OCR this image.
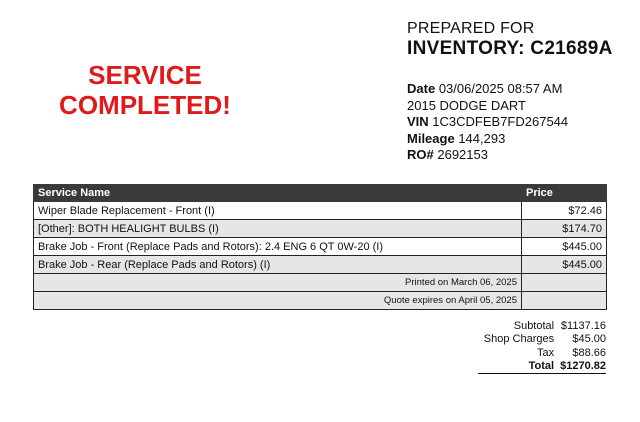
SERVICE
COMPLETED!
PREPARED FOR
INVENTORY: C21689A
Date 03/06/2025 08:57 AM
2015 DODGE DART
VIN 1C3CDFEB7FD267544
Mileage 144,293
RO# 2692153
Service Name	Price
Wiper Blade Replacement - Front (I)	$72.46
[Other]: BOTH HEALIGHT BULBS (I)	$174.70
Brake Job - Front (Replace Pads and Rotors): 2.4 ENG 6 QT 0W-20 (I)	$445.00
Brake Job - Rear (Replace Pads and Rotors) (I)	$445.00
Printed on March 06, 2025	
Quote expires on April 05, 2025	
Subtotal	$1137.16
Shop Charges	$45.00
Tax	$88.66
Total	$1270.82
